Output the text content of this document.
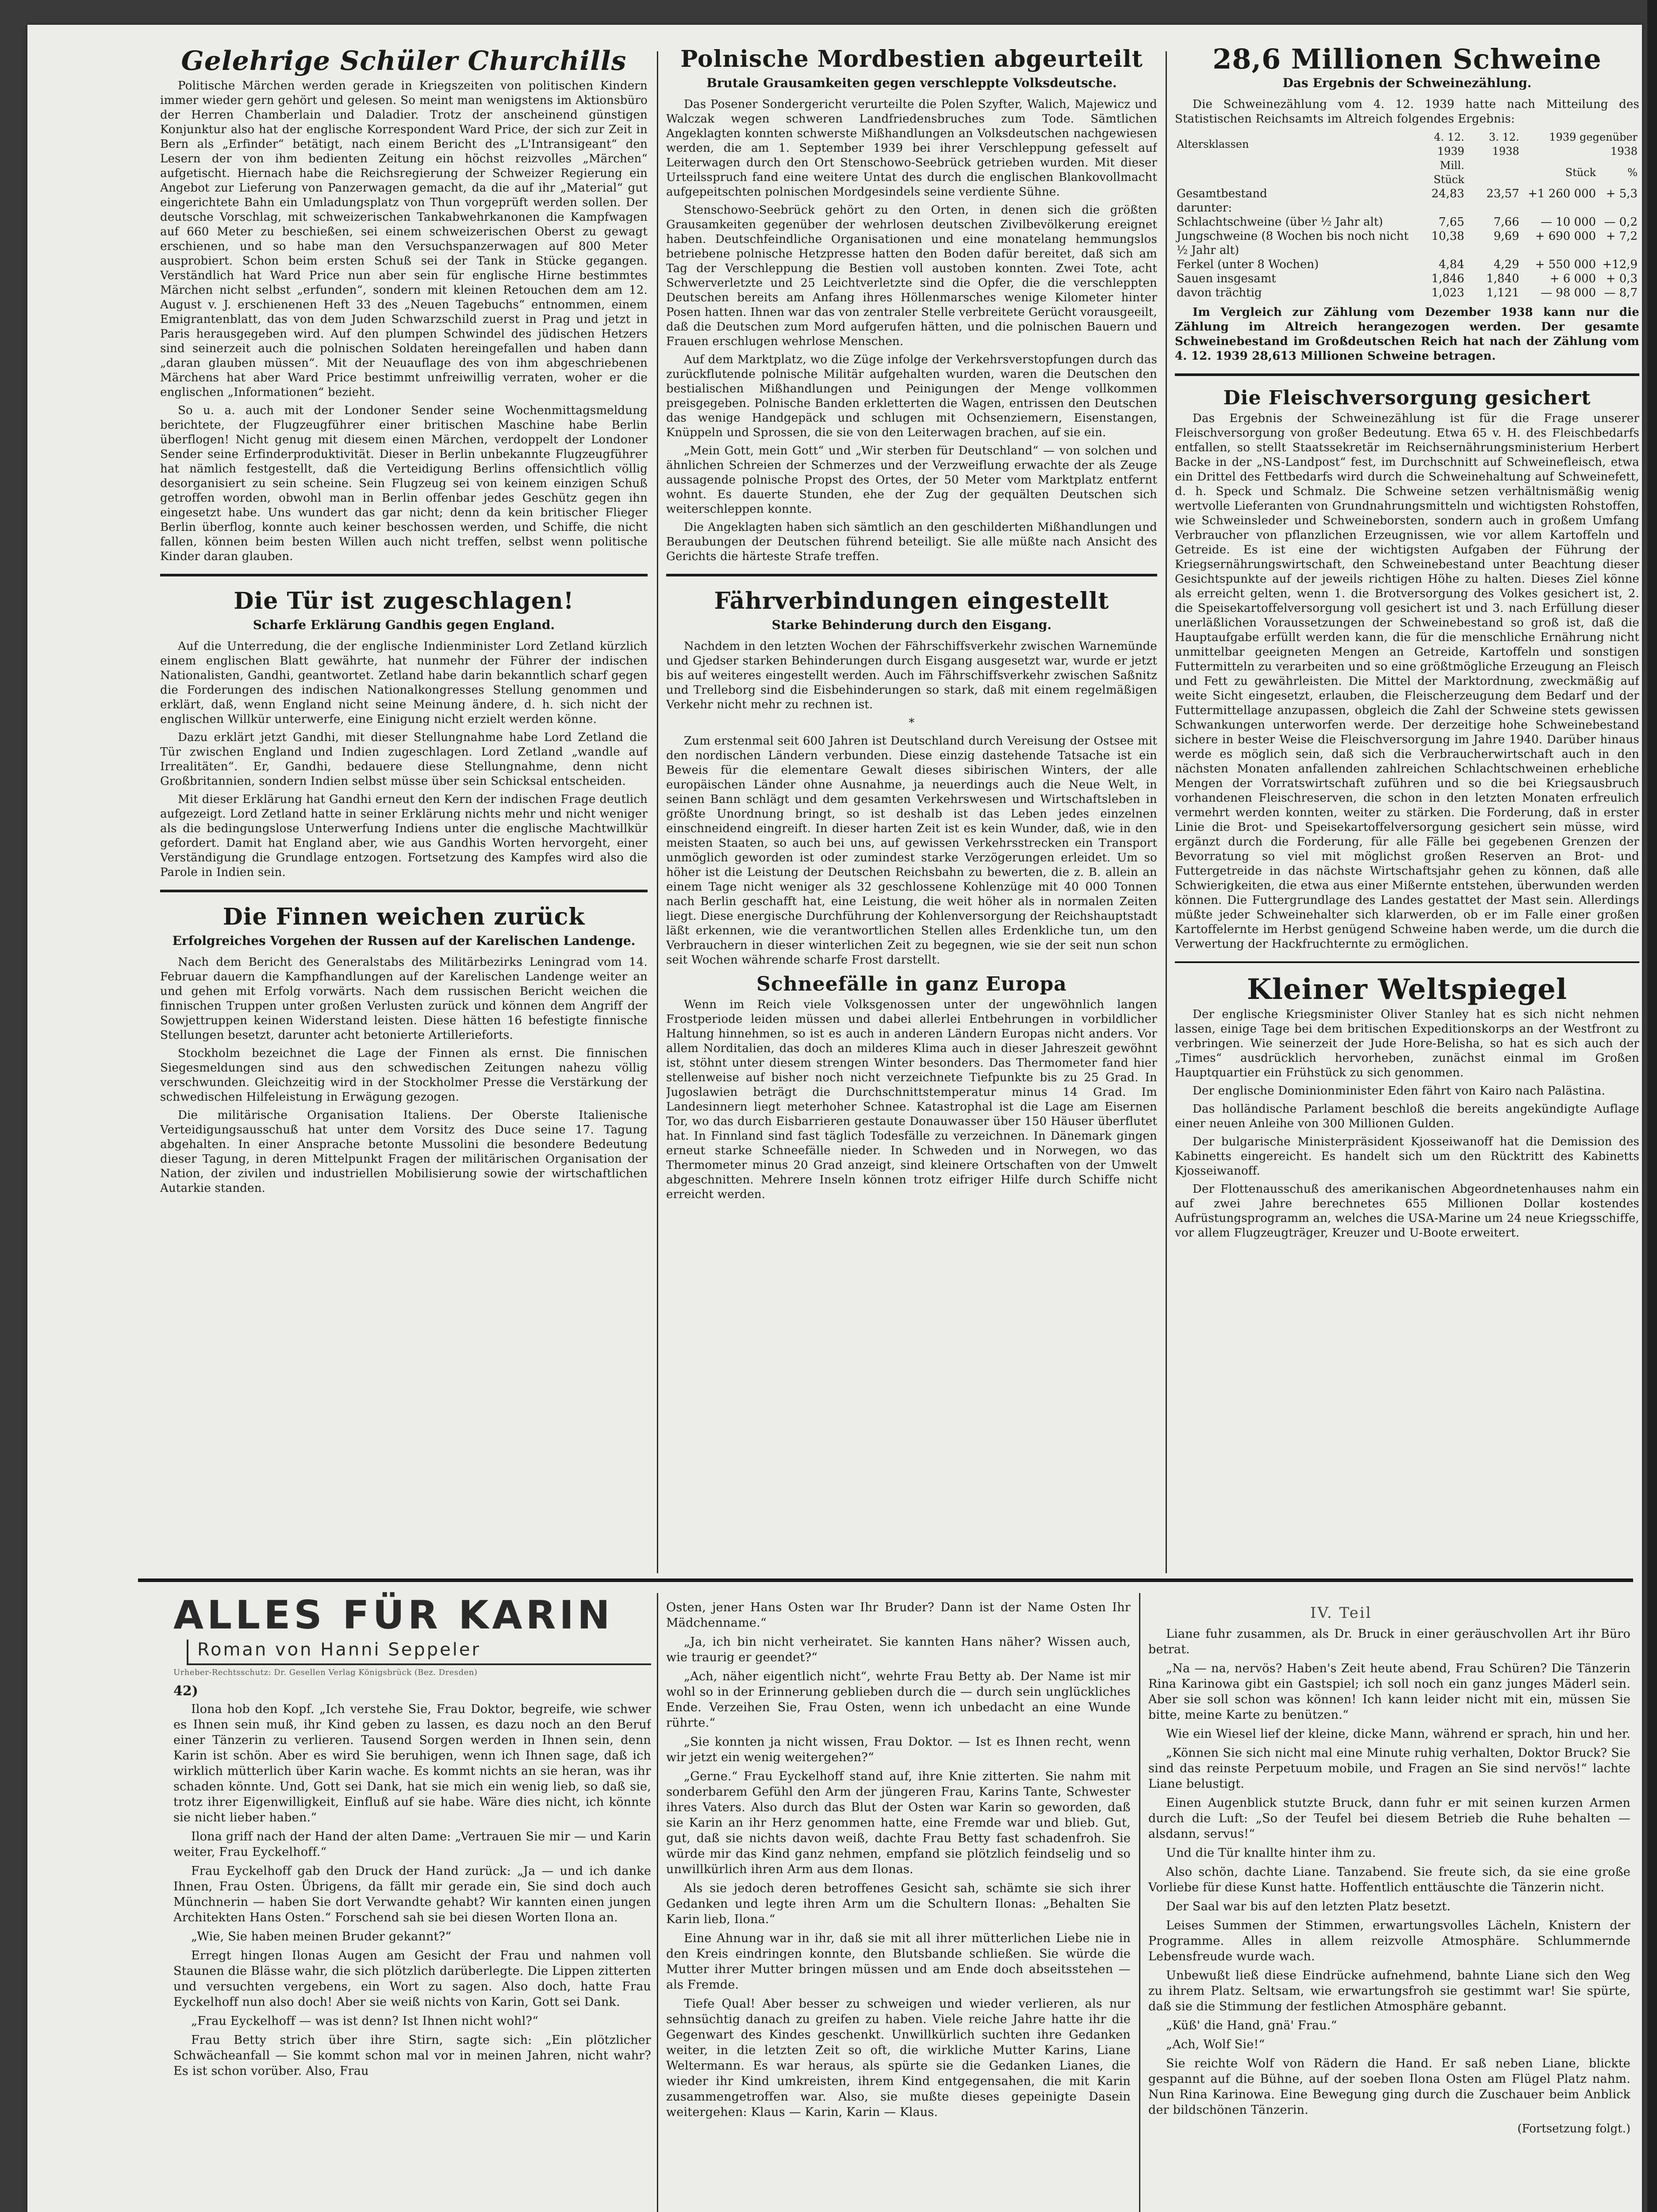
Gelehrige Schüler Churchills

Politische Märchen werden gerade in Kriegszeiten von politischen Kindern immer wieder gern gehört und gelesen. So meint man wenigstens im Aktionsbüro der Herren Chamberlain und Daladier. Trotz der anscheinend günstigen Konjunktur also hat der englische Korrespondent Ward Price, der sich zur Zeit in Bern als „Erfinder“ betätigt, nach einem Bericht des „L'Intransigeant“ den Lesern der von ihm bedienten Zeitung ein höchst reizvolles „Märchen“ aufgetischt. Hiernach habe die Reichsregierung der Schweizer Regierung ein Angebot zur Lieferung von Panzerwagen gemacht, da die auf ihr „Material“ gut eingerichtete Bahn ein Umladungsplatz von Thun vorgeprüft werden sollen. Der deutsche Vorschlag, mit schweizerischen Tankabwehrkanonen die Kampfwagen auf 660 Meter zu beschießen, sei einem schweizerischen Oberst zu gewagt erschienen, und so habe man den Versuchspanzerwagen auf 800 Meter ausprobiert. Schon beim ersten Schuß sei der Tank in Stücke gegangen. Verständlich hat Ward Price nun aber sein für englische Hirne bestimmtes Märchen nicht selbst „erfunden“, sondern mit kleinen Retouchen dem am 12. August v. J. erschienenen Heft 33 des „Neuen Tagebuchs“ entnommen, einem Emigrantenblatt, das von dem Juden Schwarzschild zuerst in Prag und jetzt in Paris herausgegeben wird. Auf den plumpen Schwindel des jüdischen Hetzers sind seinerzeit auch die polnischen Soldaten hereingefallen und haben dann „daran glauben müssen“. Mit der Neuauflage des von ihm abgeschriebenen Märchens hat aber Ward Price bestimmt unfreiwillig verraten, woher er die englischen „Informationen“ bezieht.

So u. a. auch mit der Londoner Sender seine Wochenmittagsmeldung berichtete, der Flugzeugführer einer britischen Maschine habe Berlin überflogen! Nicht genug mit diesem einen Märchen, verdoppelt der Londoner Sender seine Erfinderproduktivität. Dieser in Berlin unbekannte Flugzeugführer hat nämlich festgestellt, daß die Verteidigung Berlins offensichtlich völlig desorganisiert zu sein scheine. Sein Flugzeug sei von keinem einzigen Schuß getroffen worden, obwohl man in Berlin offenbar jedes Geschütz gegen ihn eingesetzt habe. Uns wundert das gar nicht; denn da kein britischer Flieger Berlin überflog, konnte auch keiner beschossen werden, und Schiffe, die nicht fallen, können beim besten Willen auch nicht treffen, selbst wenn politische Kinder daran glauben.

Die Tür ist zugeschlagen!
Scharfe Erklärung Gandhis gegen England.

Auf die Unterredung, die der englische Indienminister Lord Zetland kürzlich einem englischen Blatt gewährte, hat nunmehr der Führer der indischen Nationalisten, Gandhi, geantwortet. Zetland habe darin bekanntlich scharf gegen die Forderungen des indischen Nationalkongresses Stellung genommen und erklärt, daß, wenn England nicht seine Meinung ändere, d. h. sich nicht der englischen Willkür unterwerfe, eine Einigung nicht erzielt werden könne.

Dazu erklärt jetzt Gandhi, mit dieser Stellungnahme habe Lord Zetland die Tür zwischen England und Indien zugeschlagen. Lord Zetland „wandle auf Irrealitäten“. Er, Gandhi, bedauere diese Stellungnahme, denn nicht Großbritannien, sondern Indien selbst müsse über sein Schicksal entscheiden.

Mit dieser Erklärung hat Gandhi erneut den Kern der indischen Frage deutlich aufgezeigt. Lord Zetland hatte in seiner Erklärung nichts mehr und nicht weniger als die bedingungslose Unterwerfung Indiens unter die englische Machtwillkür gefordert. Damit hat England aber, wie aus Gandhis Worten hervorgeht, einer Verständigung die Grundlage entzogen. Fortsetzung des Kampfes wird also die Parole in Indien sein.

Die Finnen weichen zurück
Erfolgreiches Vorgehen der Russen auf der Karelischen Landenge.

Nach dem Bericht des Generalstabs des Militärbezirks Leningrad vom 14. Februar dauern die Kampfhandlungen auf der Karelischen Landenge weiter an und gehen mit Erfolg vorwärts. Nach dem russischen Bericht weichen die finnischen Truppen unter großen Verlusten zurück und können dem Angriff der Sowjettruppen keinen Widerstand leisten. Diese hätten 16 befestigte finnische Stellungen besetzt, darunter acht betonierte Artillerieforts.

Stockholm bezeichnet die Lage der Finnen als ernst. Die finnischen Siegesmeldungen sind aus den schwedischen Zeitungen nahezu völlig verschwunden. Gleichzeitig wird in der Stockholmer Presse die Verstärkung der schwedischen Hilfeleistung in Erwägung gezogen.

Die militärische Organisation Italiens. Der Oberste Italienische Verteidigungsausschuß hat unter dem Vorsitz des Duce seine 17. Tagung abgehalten. In einer Ansprache betonte Mussolini die besondere Bedeutung dieser Tagung, in deren Mittelpunkt Fragen der militärischen Organisation der Nation, der zivilen und industriellen Mobilisierung sowie der wirtschaftlichen Autarkie standen.

Polnische Mordbestien abgeurteilt
Brutale Grausamkeiten gegen verschleppte Volksdeutsche.

Das Posener Sondergericht verurteilte die Polen Szyfter, Walich, Majewicz und Walczak wegen schweren Landfriedensbruches zum Tode. Sämtlichen Angeklagten konnten schwerste Mißhandlungen an Volksdeutschen nachgewiesen werden, die am 1. September 1939 bei ihrer Verschleppung gefesselt auf Leiterwagen durch den Ort Stenschowo-Seebrück getrieben wurden. Mit dieser Urteilsspruch fand eine weitere Untat des durch die englischen Blankovollmacht aufgepeitschten polnischen Mordgesindels seine verdiente Sühne.

Stenschowo-Seebrück gehört zu den Orten, in denen sich die größten Grausamkeiten gegenüber der wehrlosen deutschen Zivilbevölkerung ereignet haben. Deutschfeindliche Organisationen und eine monatelang hemmungslos betriebene polnische Hetzpresse hatten den Boden dafür bereitet, daß sich am Tag der Verschleppung die Bestien voll austoben konnten. Zwei Tote, acht Schwerverletzte und 25 Leichtverletzte sind die Opfer, die die verschleppten Deutschen bereits am Anfang ihres Höllenmarsches wenige Kilometer hinter Posen hatten. Ihnen war das von zentraler Stelle verbreitete Gerücht vorausgeeilt, daß die Deutschen zum Mord aufgerufen hätten, und die polnischen Bauern und Frauen erschlugen wehrlose Menschen.

Auf dem Marktplatz, wo die Züge infolge der Verkehrsverstopfungen durch das zurückflutende polnische Militär aufgehalten wurden, waren die Deutschen den bestialischen Mißhandlungen und Peinigungen der Menge vollkommen preisgegeben. Polnische Banden erkletterten die Wagen, entrissen den Deutschen das wenige Handgepäck und schlugen mit Ochsenziemern, Eisenstangen, Knüppeln und Sprossen, die sie von den Leiterwagen brachen, auf sie ein.

„Mein Gott, mein Gott“ und „Wir sterben für Deutschland“ — von solchen und ähnlichen Schreien der Schmerzes und der Verzweiflung erwachte der als Zeuge aussagende polnische Propst des Ortes, der 50 Meter vom Marktplatz entfernt wohnt. Es dauerte Stunden, ehe der Zug der gequälten Deutschen sich weiterschleppen konnte.

Die Angeklagten haben sich sämtlich an den geschilderten Mißhandlungen und Beraubungen der Deutschen führend beteiligt. Sie alle müßte nach Ansicht des Gerichts die härteste Strafe treffen.

Fährverbindungen eingestellt
Starke Behinderung durch den Eisgang.

Nachdem in den letzten Wochen der Fährschiffsverkehr zwischen Warnemünde und Gjedser starken Behinderungen durch Eisgang ausgesetzt war, wurde er jetzt bis auf weiteres eingestellt werden. Auch im Fährschiffsverkehr zwischen Saßnitz und Trelleborg sind die Eisbehinderungen so stark, daß mit einem regelmäßigen Verkehr nicht mehr zu rechnen ist.

*

Zum erstenmal seit 600 Jahren ist Deutschland durch Vereisung der Ostsee mit den nordischen Ländern verbunden. Diese einzig dastehende Tatsache ist ein Beweis für die elementare Gewalt dieses sibirischen Winters, der alle europäischen Länder ohne Ausnahme, ja neuerdings auch die Neue Welt, in seinen Bann schlägt und dem gesamten Verkehrswesen und Wirtschaftsleben in größte Unordnung bringt, so ist deshalb ist das Leben jedes einzelnen einschneidend eingreift. In dieser harten Zeit ist es kein Wunder, daß, wie in den meisten Staaten, so auch bei uns, auf gewissen Verkehrsstrecken ein Transport unmöglich geworden ist oder zumindest starke Verzögerungen erleidet. Um so höher ist die Leistung der Deutschen Reichsbahn zu bewerten, die z. B. allein an einem Tage nicht weniger als 32 geschlossene Kohlenzüge mit 40 000 Tonnen nach Berlin geschafft hat, eine Leistung, die weit höher als in normalen Zeiten liegt. Diese energische Durchführung der Kohlenversorgung der Reichshauptstadt läßt erkennen, wie die verantwortlichen Stellen alles Erdenkliche tun, um den Verbrauchern in dieser winterlichen Zeit zu begegnen, wie sie der seit nun schon seit Wochen währende scharfe Frost darstellt.

Schneefälle in ganz Europa

Wenn im Reich viele Volksgenossen unter der ungewöhnlich langen Frostperiode leiden müssen und dabei allerlei Entbehrungen in vorbildlicher Haltung hinnehmen, so ist es auch in anderen Ländern Europas nicht anders. Vor allem Norditalien, das doch an milderes Klima auch in dieser Jahreszeit gewöhnt ist, stöhnt unter diesem strengen Winter besonders. Das Thermometer fand hier stellenweise auf bisher noch nicht verzeichnete Tiefpunkte bis zu 25 Grad. In Jugoslawien beträgt die Durchschnittstemperatur minus 14 Grad. Im Landesinnern liegt meterhoher Schnee. Katastrophal ist die Lage am Eisernen Tor, wo das durch Eisbarrieren gestaute Donauwasser über 150 Häuser überflutet hat. In Finnland sind fast täglich Todesfälle zu verzeichnen. In Dänemark gingen erneut starke Schneefälle nieder. In Schweden und in Norwegen, wo das Thermometer minus 20 Grad anzeigt, sind kleinere Ortschaften von der Umwelt abgeschnitten. Mehrere Inseln können trotz eifriger Hilfe durch Schiffe nicht erreicht werden.

28,6 Millionen Schweine
Das Ergebnis der Schweinezählung.

Die Schweinezählung vom 4. 12. 1939 hatte nach Mitteilung des Statistischen Reichsamts im Altreich folgendes Ergebnis:

Altersklassen	4. 12. 1939	3. 12. 1938	1939 gegenüber 1938	
	Mill. Stück		Stück	%
Gesamtbestand	24,83	23,57	+1 260 000	+ 5,3
darunter:				
Schlachtschweine (über ½ Jahr alt)	7,65	7,66	— 10 000	— 0,2
Jungschweine (8 Wochen bis noch nicht ½ Jahr alt)	10,38	9,69	+ 690 000	+ 7,2
Ferkel (unter 8 Wochen)	4,84	4,29	+ 550 000	+12,9
Sauen insgesamt	1,846	1,840	+ 6 000	+ 0,3
davon trächtig	1,023	1,121	— 98 000	— 8,7

Im Vergleich zur Zählung vom Dezember 1938 kann nur die Zählung im Altreich herangezogen werden. Der gesamte Schweinebestand im Großdeutschen Reich hat nach der Zählung vom 4. 12. 1939 28,613 Millionen Schweine betragen.

Die Fleischversorgung gesichert

Das Ergebnis der Schweinezählung ist für die Frage unserer Fleischversorgung von großer Bedeutung. Etwa 65 v. H. des Fleischbedarfs entfallen, so stellt Staatssekretär im Reichsernährungsministerium Herbert Backe in der „NS-Landpost“ fest, im Durchschnitt auf Schweinefleisch, etwa ein Drittel des Fettbedarfs wird durch die Schweinehaltung auf Schweinefett, d. h. Speck und Schmalz. Die Schweine setzen verhältnismäßig wenig wertvolle Lieferanten von Grundnahrungsmitteln und wichtigsten Rohstoffen, wie Schweinsleder und Schweineborsten, sondern auch in großem Umfang Verbraucher von pflanzlichen Erzeugnissen, wie vor allem Kartoffeln und Getreide. Es ist eine der wichtigsten Aufgaben der Führung der Kriegsernährungswirtschaft, den Schweinebestand unter Beachtung dieser Gesichtspunkte auf der jeweils richtigen Höhe zu halten. Dieses Ziel könne als erreicht gelten, wenn 1. die Brotversorgung des Volkes gesichert ist, 2. die Speisekartoffelversorgung voll gesichert ist und 3. nach Erfüllung dieser unerläßlichen Voraussetzungen der Schweinebestand so groß ist, daß die Hauptaufgabe erfüllt werden kann, die für die menschliche Ernährung nicht unmittelbar geeigneten Mengen an Getreide, Kartoffeln und sonstigen Futtermitteln zu verarbeiten und so eine größtmögliche Erzeugung an Fleisch und Fett zu gewährleisten. Die Mittel der Marktordnung, zweckmäßig auf weite Sicht eingesetzt, erlauben, die Fleischerzeugung dem Bedarf und der Futtermittellage anzupassen, obgleich die Zahl der Schweine stets gewissen Schwankungen unterworfen werde. Der derzeitige hohe Schweinebestand sichere in bester Weise die Fleischversorgung im Jahre 1940. Darüber hinaus werde es möglich sein, daß sich die Verbraucherwirtschaft auch in den nächsten Monaten anfallenden zahlreichen Schlachtschweinen erhebliche Mengen der Vorratswirtschaft zuführen und so die bei Kriegsausbruch vorhandenen Fleischreserven, die schon in den letzten Monaten erfreulich vermehrt werden konnten, weiter zu stärken. Die Forderung, daß in erster Linie die Brot- und Speisekartoffelversorgung gesichert sein müsse, wird ergänzt durch die Forderung, für alle Fälle bei gegebenen Grenzen der Bevorratung so viel mit möglichst großen Reserven an Brot- und Futtergetreide in das nächste Wirtschaftsjahr gehen zu können, daß alle Schwierigkeiten, die etwa aus einer Mißernte entstehen, überwunden werden können. Die Futtergrundlage des Landes gestattet der Mast sein. Allerdings müßte jeder Schweinehalter sich klarwerden, ob er im Falle einer großen Kartoffelernte im Herbst genügend Schweine haben werde, um die durch die Verwertung der Hackfruchternte zu ermöglichen.

Kleiner Weltspiegel

Der englische Kriegsminister Oliver Stanley hat es sich nicht nehmen lassen, einige Tage bei dem britischen Expeditionskorps an der Westfront zu verbringen. Wie seinerzeit der Jude Hore-Belisha, so hat es sich auch der „Times“ ausdrücklich hervorheben, zunächst einmal im Großen Hauptquartier ein Frühstück zu sich genommen.

Der englische Dominionminister Eden fährt von Kairo nach Palästina.

Das holländische Parlament beschloß die bereits angekündigte Auflage einer neuen Anleihe von 300 Millionen Gulden.

Der bulgarische Ministerpräsident Kjosseiwanoff hat die Demission des Kabinetts eingereicht. Es handelt sich um den Rücktritt des Kabinetts Kjosseiwanoff.

Der Flottenausschuß des amerikanischen Abgeordnetenhauses nahm ein auf zwei Jahre berechnetes 655 Millionen Dollar kostendes Aufrüstungsprogramm an, welches die USA-Marine um 24 neue Kriegsschiffe, vor allem Flugzeugträger, Kreuzer und U-Boote erweitert.

ALLES FÜR KARIN
Roman von Hanni Seppeler
Urheber-Rechtsschutz: Dr. Gesellen Verlag Königsbrück (Bez. Dresden)
42)

Ilona hob den Kopf. „Ich verstehe Sie, Frau Doktor, begreife, wie schwer es Ihnen sein muß, ihr Kind geben zu lassen, es dazu noch an den Beruf einer Tänzerin zu verlieren. Tausend Sorgen werden in Ihnen sein, denn Karin ist schön. Aber es wird Sie beruhigen, wenn ich Ihnen sage, daß ich wirklich mütterlich über Karin wache. Es kommt nichts an sie heran, was ihr schaden könnte. Und, Gott sei Dank, hat sie mich ein wenig lieb, so daß sie, trotz ihrer Eigenwilligkeit, Einfluß auf sie habe. Wäre dies nicht, ich könnte sie nicht lieber haben.“

Ilona griff nach der Hand der alten Dame: „Vertrauen Sie mir — und Karin weiter, Frau Eyckelhoff.“

Frau Eyckelhoff gab den Druck der Hand zurück: „Ja — und ich danke Ihnen, Frau Osten. Übrigens, da fällt mir gerade ein, Sie sind doch auch Münchnerin — haben Sie dort Verwandte gehabt? Wir kannten einen jungen Architekten Hans Osten.“ Forschend sah sie bei diesen Worten Ilona an.

„Wie, Sie haben meinen Bruder gekannt?“

Erregt hingen Ilonas Augen am Gesicht der Frau und nahmen voll Staunen die Blässe wahr, die sich plötzlich darüberlegte. Die Lippen zitterten und versuchten vergebens, ein Wort zu sagen. Also doch, hatte Frau Eyckelhoff nun also doch! Aber sie weiß nichts von Karin, Gott sei Dank.

„Frau Eyckelhoff — was ist denn? Ist Ihnen nicht wohl?“

Frau Betty strich über ihre Stirn, sagte sich: „Ein plötzlicher Schwächeanfall — Sie kommt schon mal vor in meinen Jahren, nicht wahr? Es ist schon vorüber. Also, Frau

Osten, jener Hans Osten war Ihr Bruder? Dann ist der Name Osten Ihr Mädchenname.“

„Ja, ich bin nicht verheiratet. Sie kannten Hans näher? Wissen auch, wie traurig er geendet?“

„Ach, näher eigentlich nicht“, wehrte Frau Betty ab. Der Name ist mir wohl so in der Erinnerung geblieben durch die — durch sein unglückliches Ende. Verzeihen Sie, Frau Osten, wenn ich unbedacht an eine Wunde rührte.“

„Sie konnten ja nicht wissen, Frau Doktor. — Ist es Ihnen recht, wenn wir jetzt ein wenig weitergehen?“

„Gerne.“ Frau Eyckelhoff stand auf, ihre Knie zitterten. Sie nahm mit sonderbarem Gefühl den Arm der jüngeren Frau, Karins Tante, Schwester ihres Vaters. Also durch das Blut der Osten war Karin so geworden, daß sie Karin an ihr Herz genommen hatte, eine Fremde war und blieb. Gut, gut, daß sie nichts davon weiß, dachte Frau Betty fast schadenfroh. Sie würde mir das Kind ganz nehmen, empfand sie plötzlich feindselig und so unwillkürlich ihren Arm aus dem Ilonas.

Als sie jedoch deren betroffenes Gesicht sah, schämte sie sich ihrer Gedanken und legte ihren Arm um die Schultern Ilonas: „Behalten Sie Karin lieb, Ilona.“

Eine Ahnung war in ihr, daß sie mit all ihrer mütterlichen Liebe nie in den Kreis eindringen konnte, den Blutsbande schließen. Sie würde die Mutter ihrer Mutter bringen müssen und am Ende doch abseitsstehen — als Fremde.

Tiefe Qual! Aber besser zu schweigen und wieder verlieren, als nur sehnsüchtig danach zu greifen zu haben. Viele reiche Jahre hatte ihr die Gegenwart des Kindes geschenkt. Unwillkürlich suchten ihre Gedanken weiter, in die letzten Zeit so oft, die wirkliche Mutter Karins, Liane Weltermann. Es war heraus, als spürte sie die Gedanken Lianes, die wieder ihr Kind umkreisten, ihrem Kind entgegensahen, die mit Karin zusammengetroffen war. Also, sie mußte dieses gepeinigte Dasein weitergehen: Klaus — Karin, Karin — Klaus.

IV. Teil

Liane fuhr zusammen, als Dr. Bruck in einer geräuschvollen Art ihr Büro betrat.

„Na — na, nervös? Haben's Zeit heute abend, Frau Schüren? Die Tänzerin Rina Karinowa gibt ein Gastspiel; ich soll noch ein ganz junges Mäderl sein. Aber sie soll schon was können! Ich kann leider nicht mit ein, müssen Sie bitte, meine Karte zu benützen.“

Wie ein Wiesel lief der kleine, dicke Mann, während er sprach, hin und her.

„Können Sie sich nicht mal eine Minute ruhig verhalten, Doktor Bruck? Sie sind das reinste Perpetuum mobile, und Fragen an Sie sind nervös!“ lachte Liane belustigt.

Einen Augenblick stutzte Bruck, dann fuhr er mit seinen kurzen Armen durch die Luft: „So der Teufel bei diesem Betrieb die Ruhe behalten — alsdann, servus!“

Und die Tür knallte hinter ihm zu.

Also schön, dachte Liane. Tanzabend. Sie freute sich, da sie eine große Vorliebe für diese Kunst hatte. Hoffentlich enttäuschte die Tänzerin nicht.

Der Saal war bis auf den letzten Platz besetzt.

Leises Summen der Stimmen, erwartungsvolles Lächeln, Knistern der Programme. Alles in allem reizvolle Atmosphäre. Schlummernde Lebensfreude wurde wach.

Unbewußt ließ diese Eindrücke aufnehmend, bahnte Liane sich den Weg zu ihrem Platz. Seltsam, wie erwartungsfroh sie gestimmt war! Sie spürte, daß sie die Stimmung der festlichen Atmosphäre gebannt.

„Küß' die Hand, gnä' Frau.“

„Ach, Wolf Sie!“

Sie reichte Wolf von Rädern die Hand. Er saß neben Liane, blickte gespannt auf die Bühne, auf der soeben Ilona Osten am Flügel Platz nahm. Nun Rina Karinowa. Eine Bewegung ging durch die Zuschauer beim Anblick der bildschönen Tänzerin.

(Fortsetzung folgt.)
